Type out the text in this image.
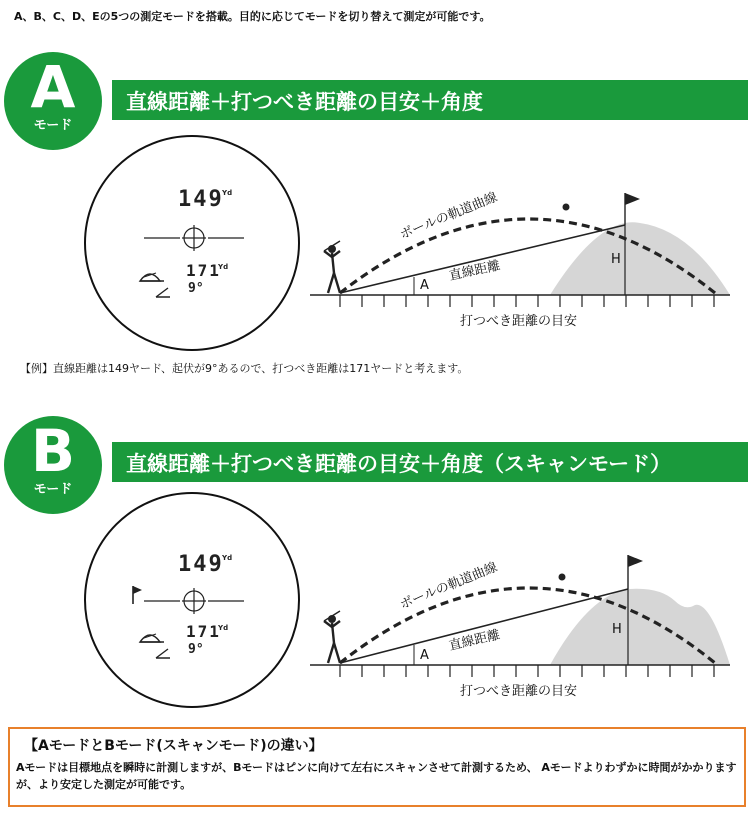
A、B、C、D、Eの5つの測定モードを搭載。目的に応じてモードを切り替えて測定が可能です。
A
モード
直線距離＋打つべき距離の目安＋角度
149
Yd
171
Yd
9°
ボールの軌道曲線
直線距離
A
H
打つべき距離の目安
【例】直線距離は149ヤード、起伏が9°あるので、打つべき距離は171ヤードと考えます。
B
モード
直線距離＋打つべき距離の目安＋角度（スキャンモード）
149
Yd
171
Yd
9°
ボールの軌道曲線
直線距離
A
H
打つべき距離の目安
【AモードとBモード(スキャンモード)の違い】
Aモードは目標地点を瞬時に計測しますが、Bモードはピンに向けて左右にスキャンさせて計測するため、 Aモードよりわずかに時間がかかりますが、より安定した測定が可能です。
